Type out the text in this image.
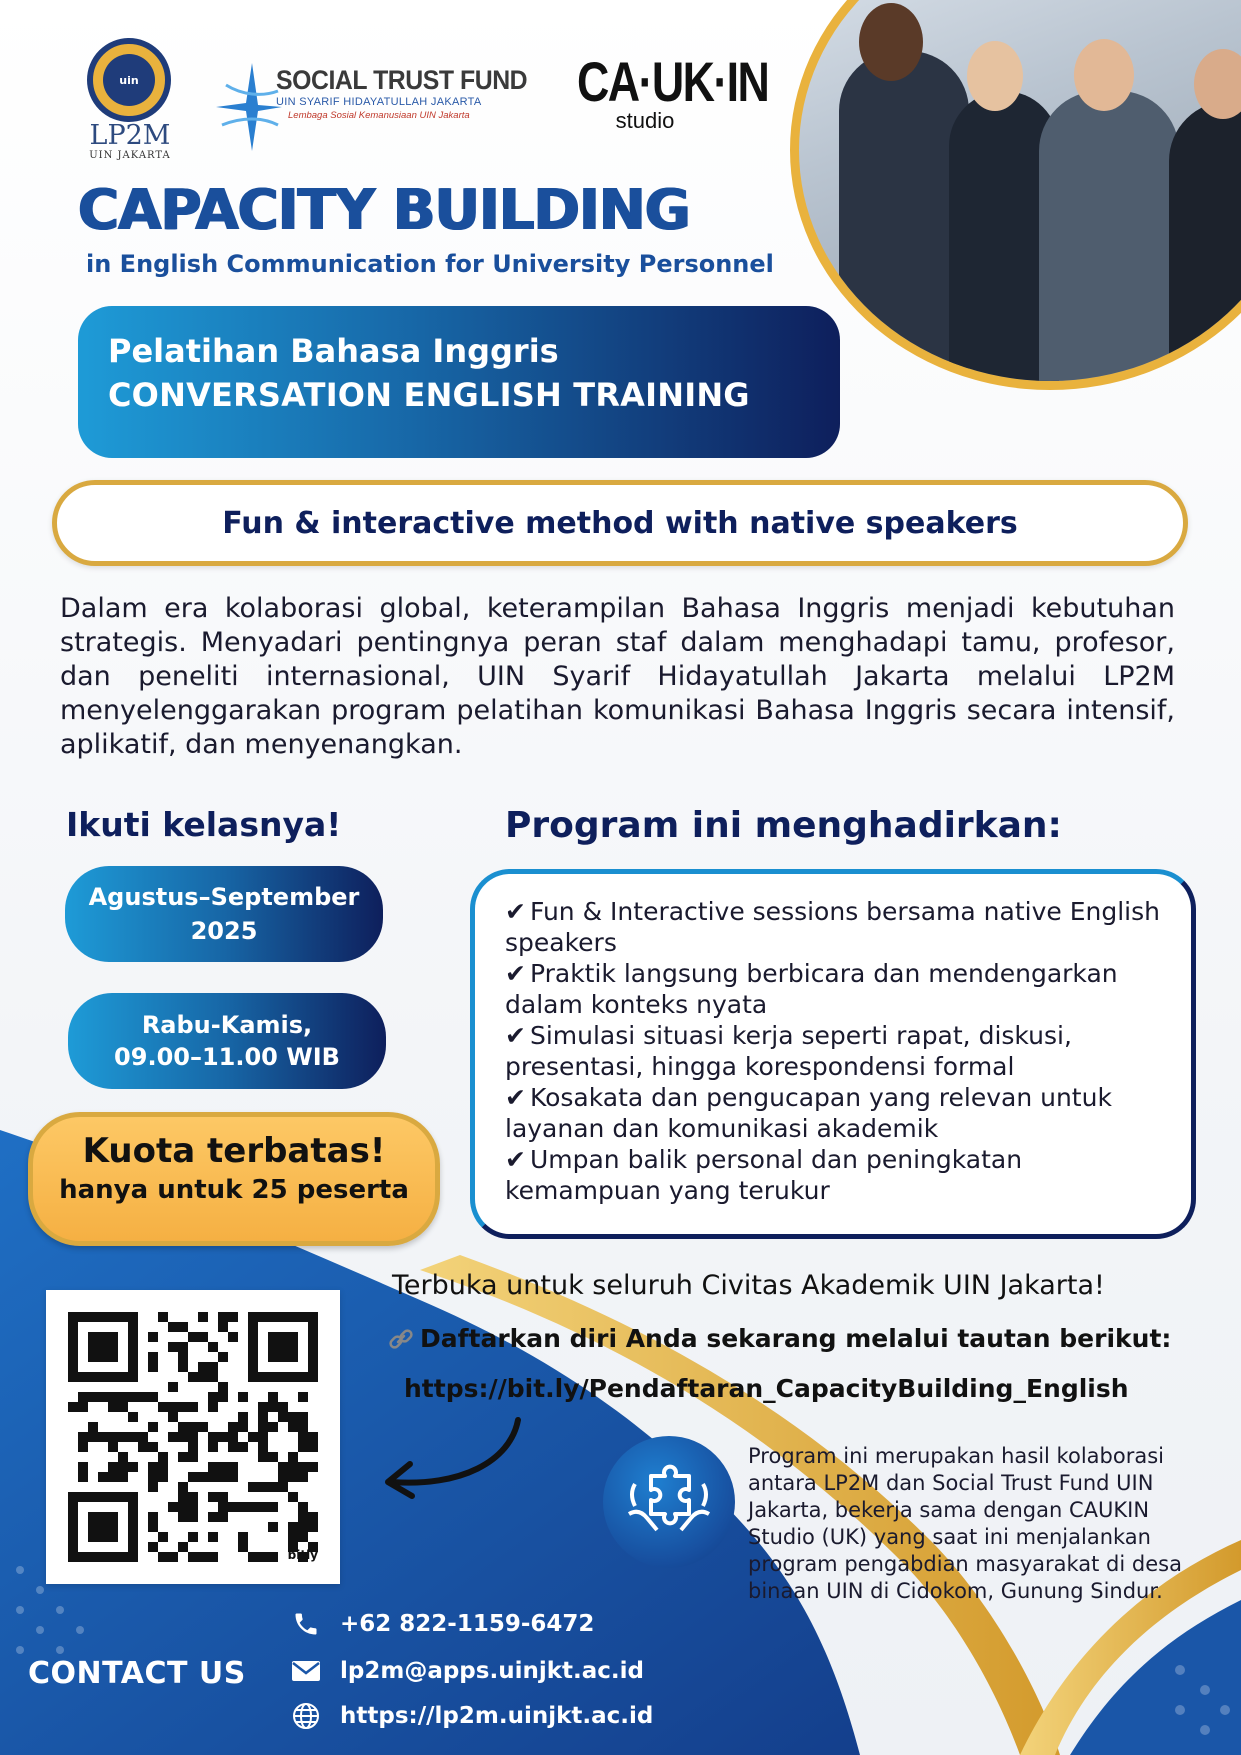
uin
LP2M
UIN JAKARTA
SOCIAL TRUST FUND
UIN SYARIF HIDAYATULLAH JAKARTA
Lembaga Sosial Kemanusiaan UIN Jakarta
CA·UK·IN
studio
CAPACITY BUILDING
in English Communication for University Personnel
Pelatihan Bahasa Inggris
CONVERSATION ENGLISH TRAINING
Fun & interactive method with native speakers

Dalam era kolaborasi global, keterampilan Bahasa Inggris menjadi kebutuhan strategis. Menyadari pentingnya peran staf dalam menghadapi tamu, profesor, dan peneliti internasional, UIN Syarif Hidayatullah Jakarta melalui LP2M menyelenggarakan program pelatihan komunikasi Bahasa Inggris secara intensif, aplikatif, dan menyenangkan.

Ikuti kelasnya!	Program ini menghadirkan:
Agustus–September
2025
Rabu-Kamis,
09.00–11.00 WIB
Kuota terbatas!
hanya untuk 25 peserta
✔ Fun & Interactive sessions bersama native English speakers
✔ Praktik langsung berbicara dan mendengarkan dalam konteks nyata
✔ Simulasi situasi kerja seperti rapat, diskusi, presentasi, hingga korespondensi formal
✔ Kosakata dan pengucapan yang relevan untuk layanan dan komunikasi akademik
✔ Umpan balik personal dan peningkatan kemampuan yang terukur
Terbuka untuk seluruh Civitas Akademik UIN Jakarta!
Daftarkan diri Anda sekarang melalui tautan berikut:
https://bit.ly/Pendaftaran_CapacityBuilding_English
bitly

Program ini merupakan hasil kolaborasi antara LP2M dan Social Trust Fund UIN Jakarta, bekerja sama dengan CAUKIN Studio (UK) yang saat ini menjalankan program pengabdian masyarakat di desa binaan UIN di Cidokom, Gunung Sindur.

CONTACT US
+62 822-1159-6472
lp2m@apps.uinjkt.ac.id
https://lp2m.uinjkt.ac.id
